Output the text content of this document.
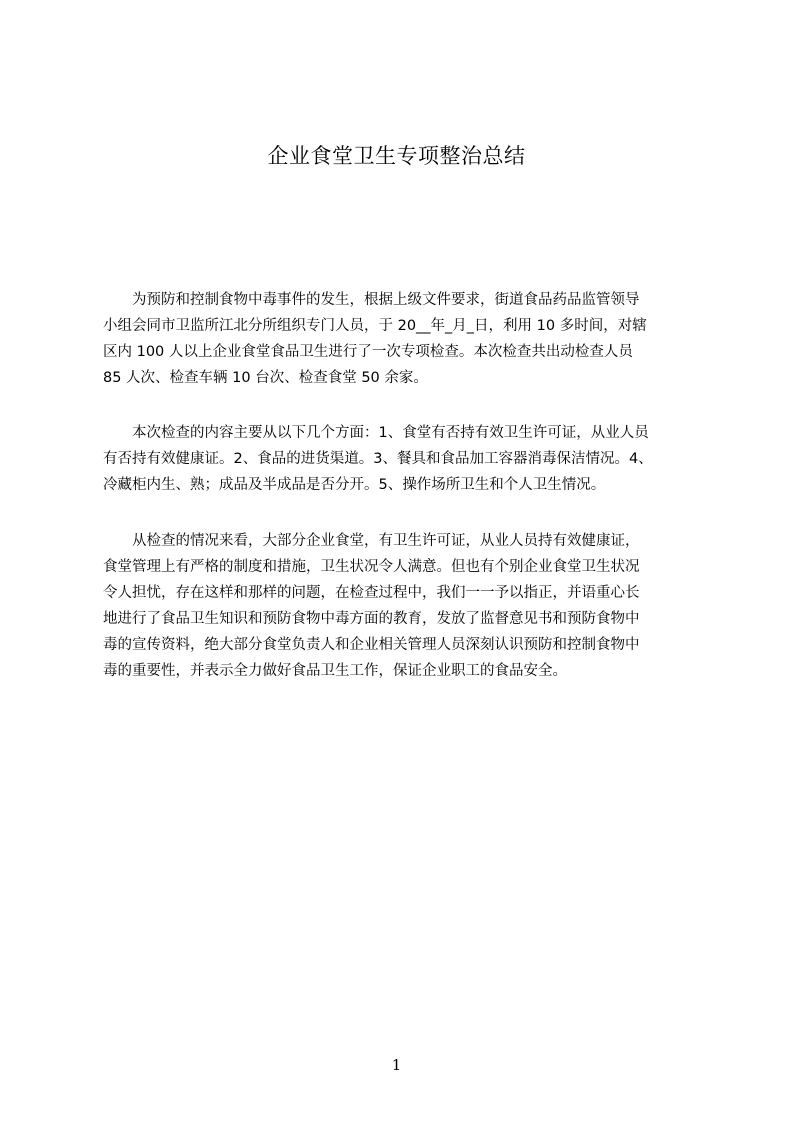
企业食堂卫生专项整治总结
　　为预防和控制食物中毒事件的发生，根据上级文件要求，街道食品药品监管领导
小组会同市卫监所江北分所组织专门人员，于 20__年_月_日，利用 10 多时间，对辖
区内 100 人以上企业食堂食品卫生进行了一次专项检查。本次检查共出动检查人员
85 人次、检查车辆 10 台次、检查食堂 50 余家。
　　本次检查的内容主要从以下几个方面：1、食堂有否持有效卫生许可证，从业人员
有否持有效健康证。2、食品的进货渠道。3、餐具和食品加工容器消毒保洁情况。4、
冷藏柜内生、熟；成品及半成品是否分开。5、操作场所卫生和个人卫生情况。
　　从检查的情况来看，大部分企业食堂，有卫生许可证，从业人员持有效健康证，
食堂管理上有严格的制度和措施，卫生状况令人满意。但也有个别企业食堂卫生状况
令人担忧，存在这样和那样的问题，在检查过程中，我们一一予以指正，并语重心长
地进行了食品卫生知识和预防食物中毒方面的教育，发放了监督意见书和预防食物中
毒的宣传资料，绝大部分食堂负责人和企业相关管理人员深刻认识预防和控制食物中
毒的重要性，并表示全力做好食品卫生工作，保证企业职工的食品安全。
1
